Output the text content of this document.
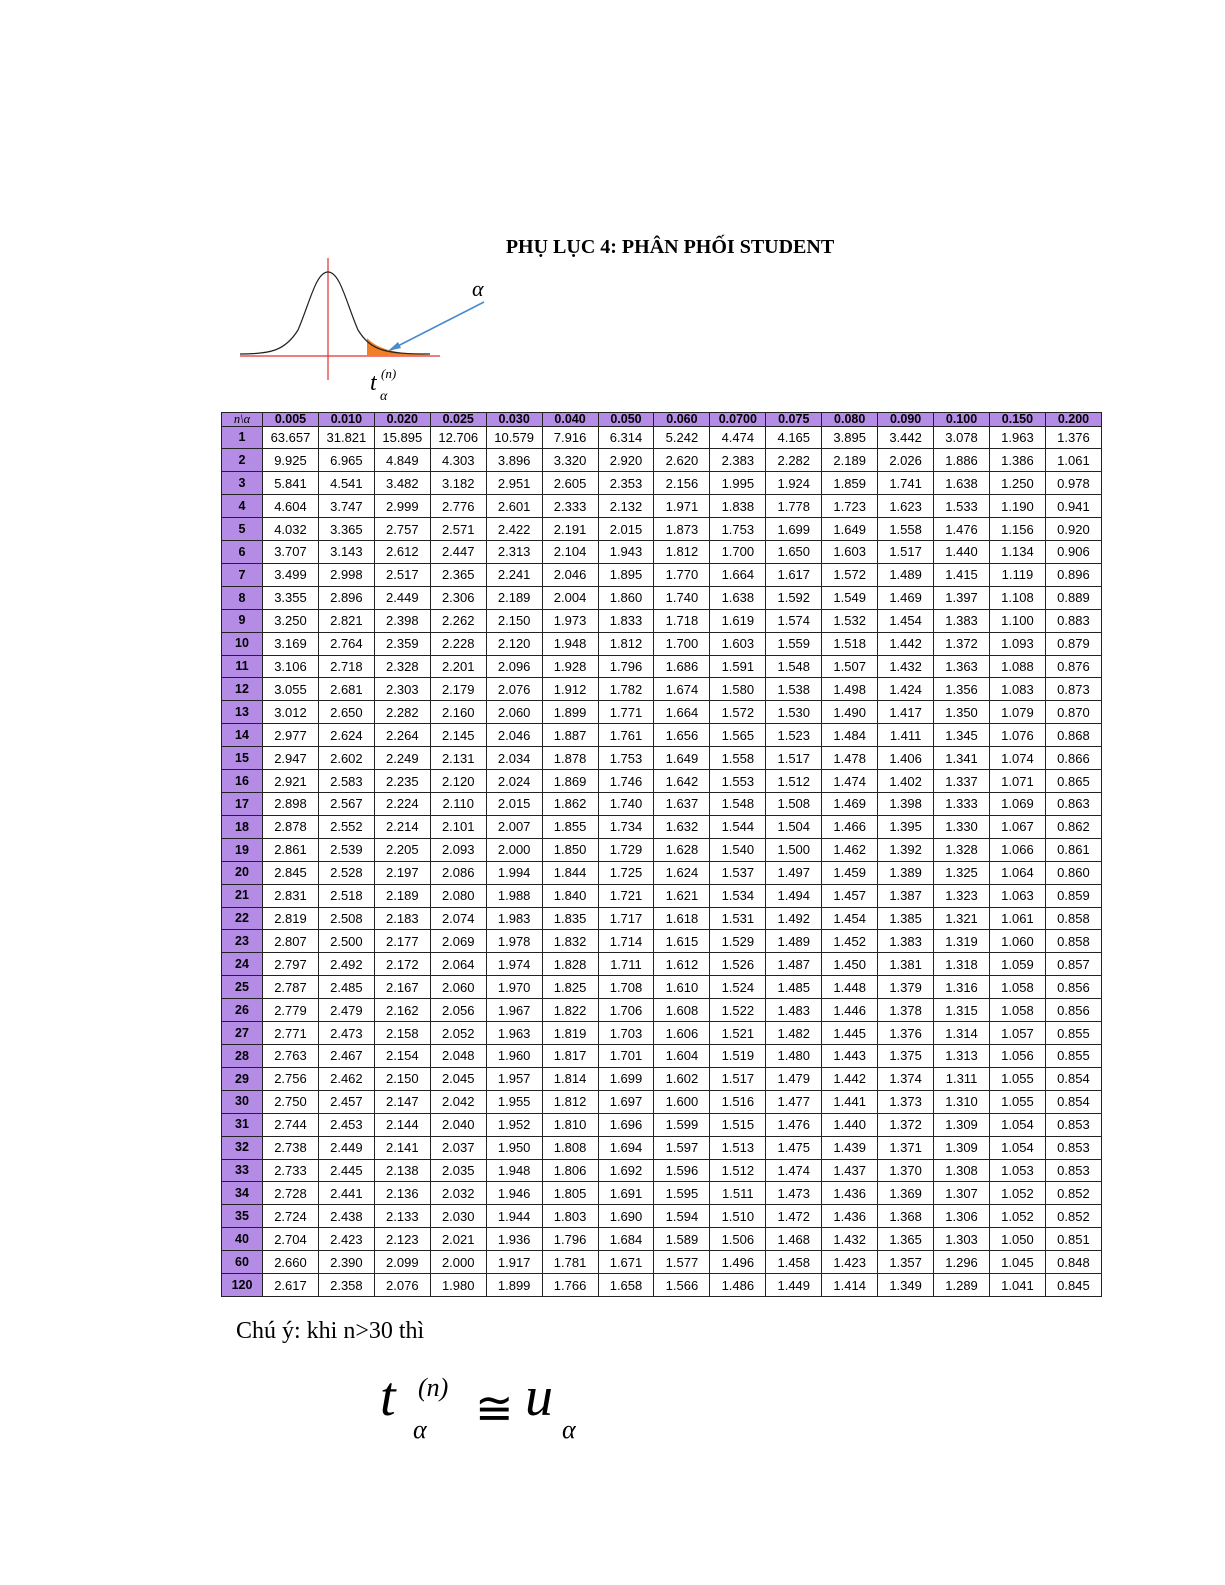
PHỤ LỤC 4: PHÂN PHỐI STUDENT
α
t (n)
α
n\α	0.005	0.010	0.020	0.025	0.030	0.040	0.050	0.060	0.0700	0.075	0.080	0.090	0.100	0.150	0.200
1	63.657	31.821	15.895	12.706	10.579	7.916	6.314	5.242	4.474	4.165	3.895	3.442	3.078	1.963	1.376
2	9.925	6.965	4.849	4.303	3.896	3.320	2.920	2.620	2.383	2.282	2.189	2.026	1.886	1.386	1.061
3	5.841	4.541	3.482	3.182	2.951	2.605	2.353	2.156	1.995	1.924	1.859	1.741	1.638	1.250	0.978
4	4.604	3.747	2.999	2.776	2.601	2.333	2.132	1.971	1.838	1.778	1.723	1.623	1.533	1.190	0.941
5	4.032	3.365	2.757	2.571	2.422	2.191	2.015	1.873	1.753	1.699	1.649	1.558	1.476	1.156	0.920
6	3.707	3.143	2.612	2.447	2.313	2.104	1.943	1.812	1.700	1.650	1.603	1.517	1.440	1.134	0.906
7	3.499	2.998	2.517	2.365	2.241	2.046	1.895	1.770	1.664	1.617	1.572	1.489	1.415	1.119	0.896
8	3.355	2.896	2.449	2.306	2.189	2.004	1.860	1.740	1.638	1.592	1.549	1.469	1.397	1.108	0.889
9	3.250	2.821	2.398	2.262	2.150	1.973	1.833	1.718	1.619	1.574	1.532	1.454	1.383	1.100	0.883
10	3.169	2.764	2.359	2.228	2.120	1.948	1.812	1.700	1.603	1.559	1.518	1.442	1.372	1.093	0.879
11	3.106	2.718	2.328	2.201	2.096	1.928	1.796	1.686	1.591	1.548	1.507	1.432	1.363	1.088	0.876
12	3.055	2.681	2.303	2.179	2.076	1.912	1.782	1.674	1.580	1.538	1.498	1.424	1.356	1.083	0.873
13	3.012	2.650	2.282	2.160	2.060	1.899	1.771	1.664	1.572	1.530	1.490	1.417	1.350	1.079	0.870
14	2.977	2.624	2.264	2.145	2.046	1.887	1.761	1.656	1.565	1.523	1.484	1.411	1.345	1.076	0.868
15	2.947	2.602	2.249	2.131	2.034	1.878	1.753	1.649	1.558	1.517	1.478	1.406	1.341	1.074	0.866
16	2.921	2.583	2.235	2.120	2.024	1.869	1.746	1.642	1.553	1.512	1.474	1.402	1.337	1.071	0.865
17	2.898	2.567	2.224	2.110	2.015	1.862	1.740	1.637	1.548	1.508	1.469	1.398	1.333	1.069	0.863
18	2.878	2.552	2.214	2.101	2.007	1.855	1.734	1.632	1.544	1.504	1.466	1.395	1.330	1.067	0.862
19	2.861	2.539	2.205	2.093	2.000	1.850	1.729	1.628	1.540	1.500	1.462	1.392	1.328	1.066	0.861
20	2.845	2.528	2.197	2.086	1.994	1.844	1.725	1.624	1.537	1.497	1.459	1.389	1.325	1.064	0.860
21	2.831	2.518	2.189	2.080	1.988	1.840	1.721	1.621	1.534	1.494	1.457	1.387	1.323	1.063	0.859
22	2.819	2.508	2.183	2.074	1.983	1.835	1.717	1.618	1.531	1.492	1.454	1.385	1.321	1.061	0.858
23	2.807	2.500	2.177	2.069	1.978	1.832	1.714	1.615	1.529	1.489	1.452	1.383	1.319	1.060	0.858
24	2.797	2.492	2.172	2.064	1.974	1.828	1.711	1.612	1.526	1.487	1.450	1.381	1.318	1.059	0.857
25	2.787	2.485	2.167	2.060	1.970	1.825	1.708	1.610	1.524	1.485	1.448	1.379	1.316	1.058	0.856
26	2.779	2.479	2.162	2.056	1.967	1.822	1.706	1.608	1.522	1.483	1.446	1.378	1.315	1.058	0.856
27	2.771	2.473	2.158	2.052	1.963	1.819	1.703	1.606	1.521	1.482	1.445	1.376	1.314	1.057	0.855
28	2.763	2.467	2.154	2.048	1.960	1.817	1.701	1.604	1.519	1.480	1.443	1.375	1.313	1.056	0.855
29	2.756	2.462	2.150	2.045	1.957	1.814	1.699	1.602	1.517	1.479	1.442	1.374	1.311	1.055	0.854
30	2.750	2.457	2.147	2.042	1.955	1.812	1.697	1.600	1.516	1.477	1.441	1.373	1.310	1.055	0.854
31	2.744	2.453	2.144	2.040	1.952	1.810	1.696	1.599	1.515	1.476	1.440	1.372	1.309	1.054	0.853
32	2.738	2.449	2.141	2.037	1.950	1.808	1.694	1.597	1.513	1.475	1.439	1.371	1.309	1.054	0.853
33	2.733	2.445	2.138	2.035	1.948	1.806	1.692	1.596	1.512	1.474	1.437	1.370	1.308	1.053	0.853
34	2.728	2.441	2.136	2.032	1.946	1.805	1.691	1.595	1.511	1.473	1.436	1.369	1.307	1.052	0.852
35	2.724	2.438	2.133	2.030	1.944	1.803	1.690	1.594	1.510	1.472	1.436	1.368	1.306	1.052	0.852
40	2.704	2.423	2.123	2.021	1.936	1.796	1.684	1.589	1.506	1.468	1.432	1.365	1.303	1.050	0.851
60	2.660	2.390	2.099	2.000	1.917	1.781	1.671	1.577	1.496	1.458	1.423	1.357	1.296	1.045	0.848
120	2.617	2.358	2.076	1.980	1.899	1.766	1.658	1.566	1.486	1.449	1.414	1.349	1.289	1.041	0.845
Chú ý: khi n>30 thì
t (n)
α ≅ u
α
